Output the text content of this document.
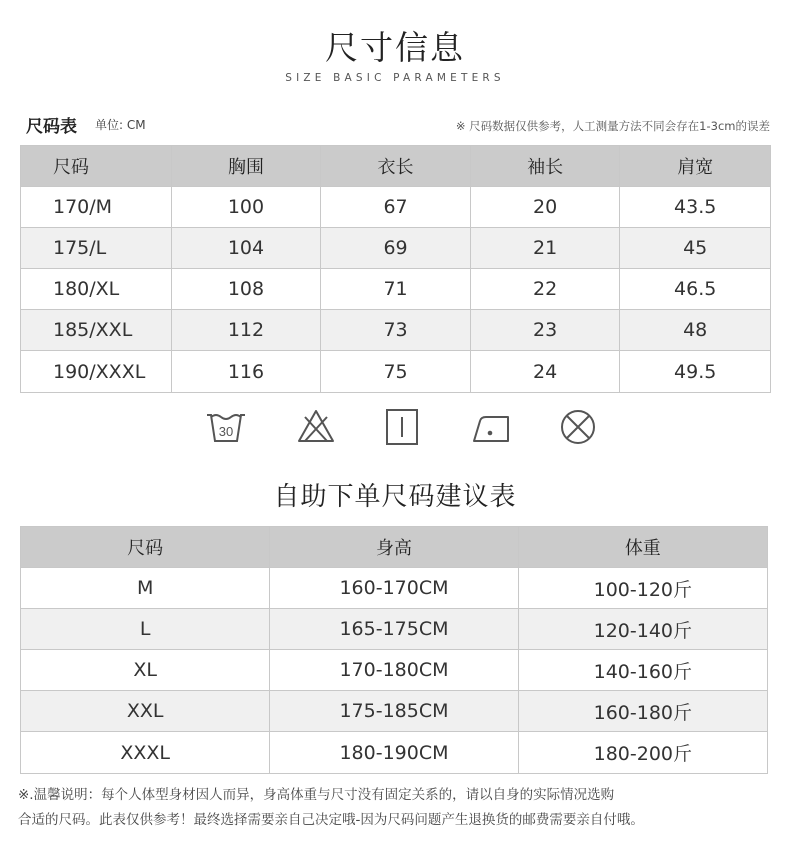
尺寸信息
SIZE BASIC PARAMETERS
尺码表 单位: CM	※ 尺码数据仅供参考，人工测量方法不同会存在1-3cm的误差
尺码	胸围	衣长	袖长	肩宽
170/M	100	67	20	43.5
175/L	104	69	21	45
180/XL	108	71	22	46.5
185/XXL	112	73	23	48
190/XXXL	116	75	24	49.5
30
自助下单尺码建议表
尺码	身高	体重
M	160-170CM	100-120斤
L	165-175CM	120-140斤
XL	170-180CM	140-160斤
XXL	175-185CM	160-180斤
XXXL	180-190CM	180-200斤
※.温馨说明：每个人体型身材因人而异，身高体重与尺寸没有固定关系的，请以自身的实际情况选购
合适的尺码。此表仅供参考！最终选择需要亲自己决定哦-因为尺码问题产生退换货的邮费需要亲自付哦。
